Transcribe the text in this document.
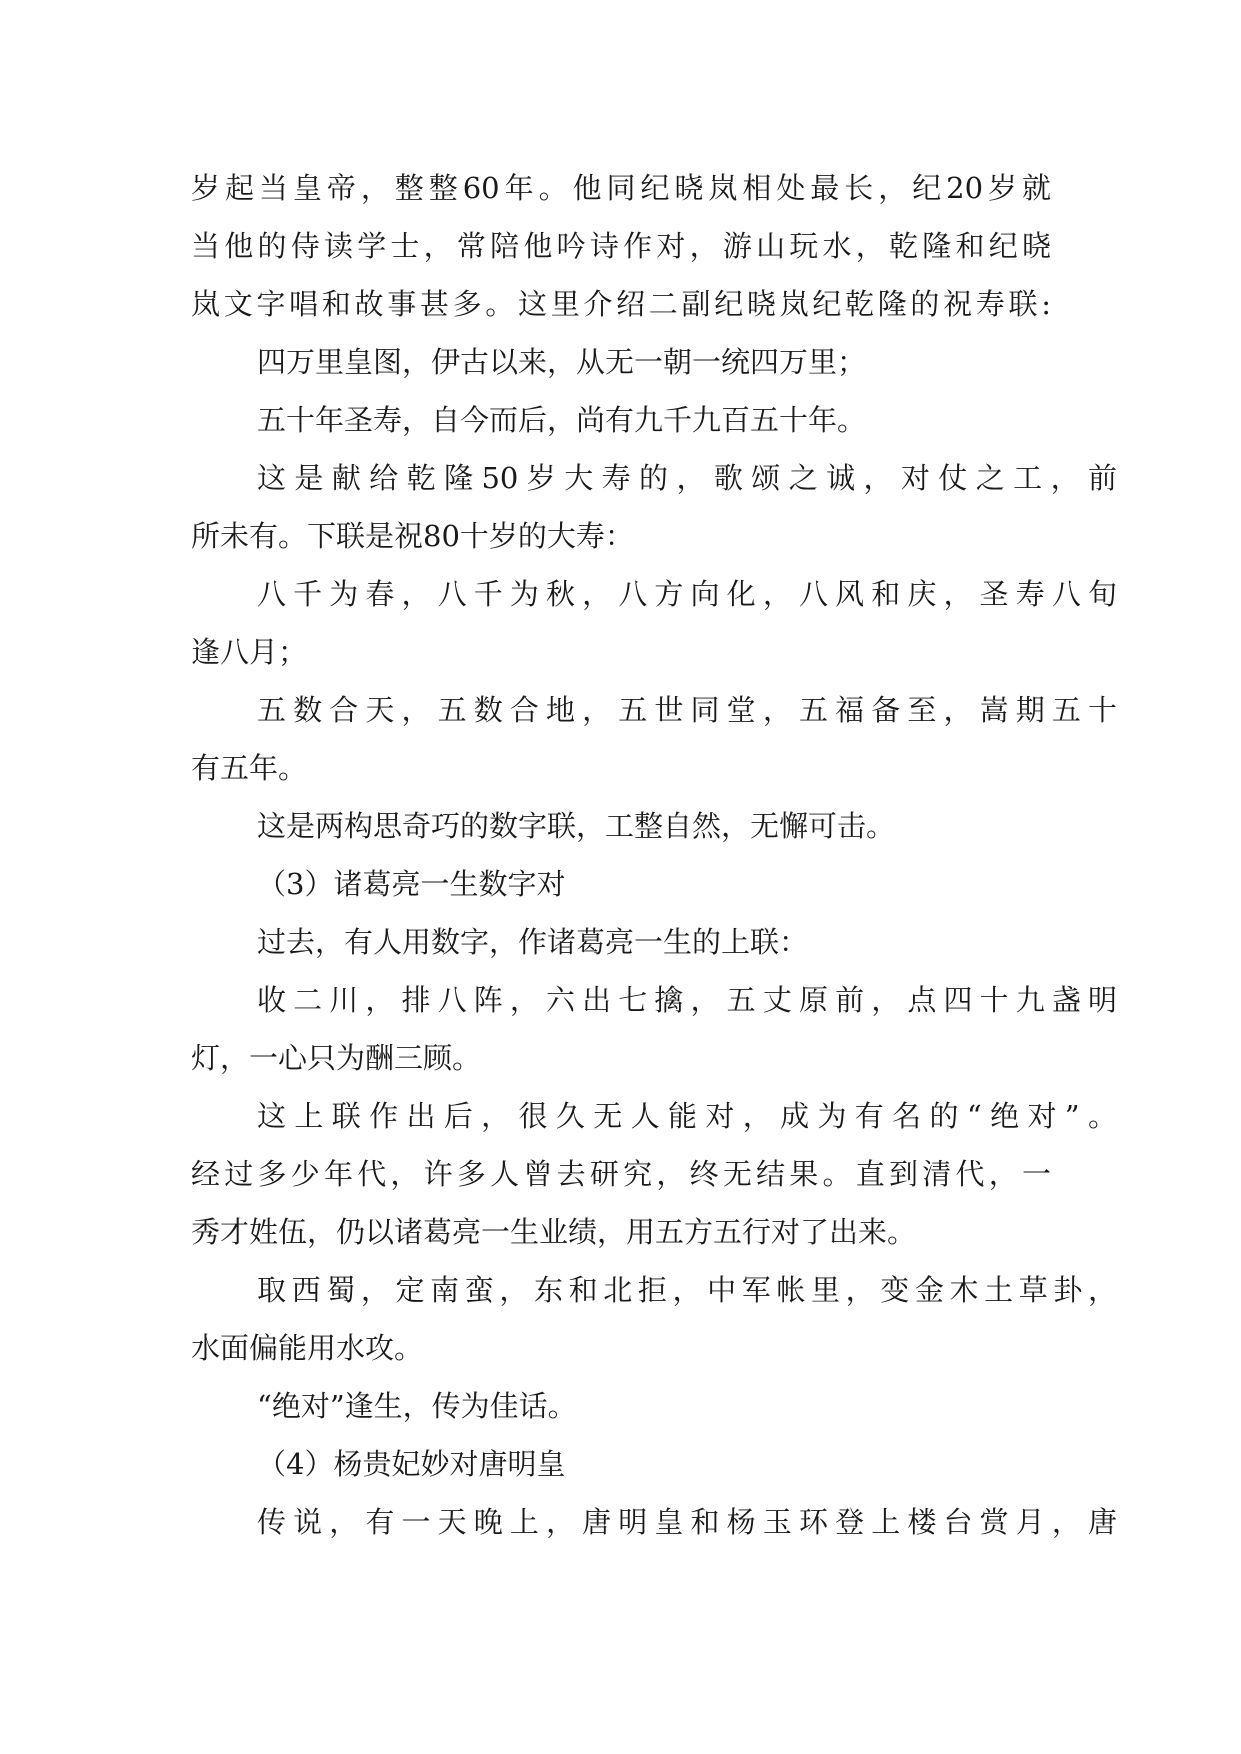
岁起当皇帝，整整60年。他同纪晓岚相处最长，纪20岁就
当他的侍读学士，常陪他吟诗作对，游山玩水，乾隆和纪晓
岚文字唱和故事甚多。这里介绍二副纪晓岚纪乾隆的祝寿联:
四万里皇图，伊古以来，从无一朝一统四万里；
五十年圣寿，自今而后，尚有九千九百五十年。
这是献给乾隆50岁大寿的，歌颂之诚，对仗之工，前
所未有。下联是祝80十岁的大寿：
八千为春，八千为秋，八方向化，八风和庆，圣寿八旬
逢八月；
五数合天，五数合地，五世同堂，五福备至，嵩期五十
有五年。
这是两构思奇巧的数字联，工整自然，无懈可击。
（3）诸葛亮一生数字对
过去，有人用数字，作诸葛亮一生的上联：
收二川，排八阵，六出七擒，五丈原前，点四十九盏明
灯，一心只为酬三顾。
这上联作出后，很久无人能对，成为有名的“绝对”。
经过多少年代，许多人曾去研究，终无结果。直到清代，一
秀才姓伍，仍以诸葛亮一生业绩，用五方五行对了出来。
取西蜀，定南蛮，东和北拒，中军帐里，变金木土草卦，
水面偏能用水攻。
“绝对”逢生，传为佳话。
（4）杨贵妃妙对唐明皇
传说，有一天晚上，唐明皇和杨玉环登上楼台赏月，唐
